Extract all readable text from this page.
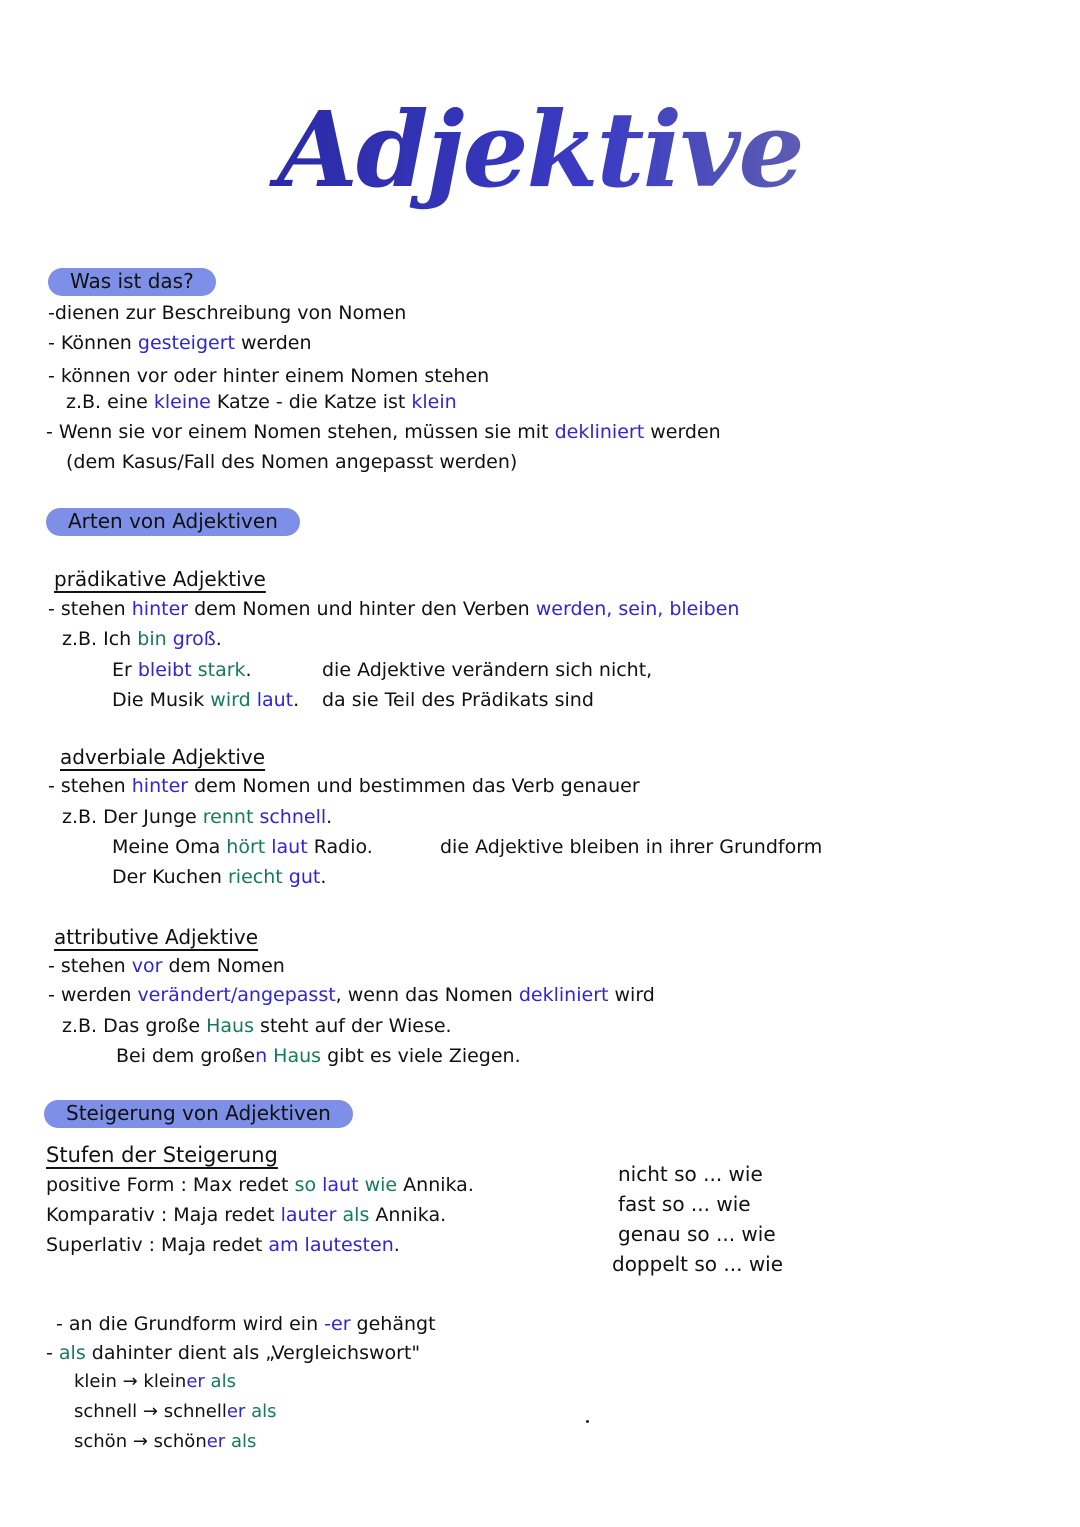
Adjektive
Was ist das?
-dienen zur Beschreibung von Nomen
- Können gesteigert werden
- können vor oder hinter einem Nomen stehen
z.B. eine kleine Katze - die Katze ist klein
- Wenn sie vor einem Nomen stehen, müssen sie mit dekliniert werden
(dem Kasus/Fall des Nomen angepasst werden)
Arten von Adjektiven
prädikative Adjektive
- stehen hinter dem Nomen und hinter den Verben werden, sein, bleiben
z.B. Ich bin groß.
Er bleibt stark.
Die Musik wird laut.
die Adjektive verändern sich nicht,
da sie Teil des Prädikats sind
adverbiale Adjektive
- stehen hinter dem Nomen und bestimmen das Verb genauer
z.B. Der Junge rennt schnell.
Meine Oma hört laut Radio.
Der Kuchen riecht gut.
die Adjektive bleiben in ihrer Grundform
attributive Adjektive
- stehen vor dem Nomen
- werden verändert/angepasst, wenn das Nomen dekliniert wird
z.B. Das große Haus steht auf der Wiese.
Bei dem großen Haus gibt es viele Ziegen.
Steigerung von Adjektiven
Stufen der Steigerung
positive Form : Max redet so laut wie Annika.
Komparativ : Maja redet lauter als Annika.
Superlativ : Maja redet am lautesten.
nicht so ... wie
fast so ... wie
genau so ... wie
doppelt so ... wie
- an die Grundform wird ein -er gehängt
- als dahinter dient als „Vergleichswort"
klein → kleiner als
schnell → schneller als
schön → schöner als
